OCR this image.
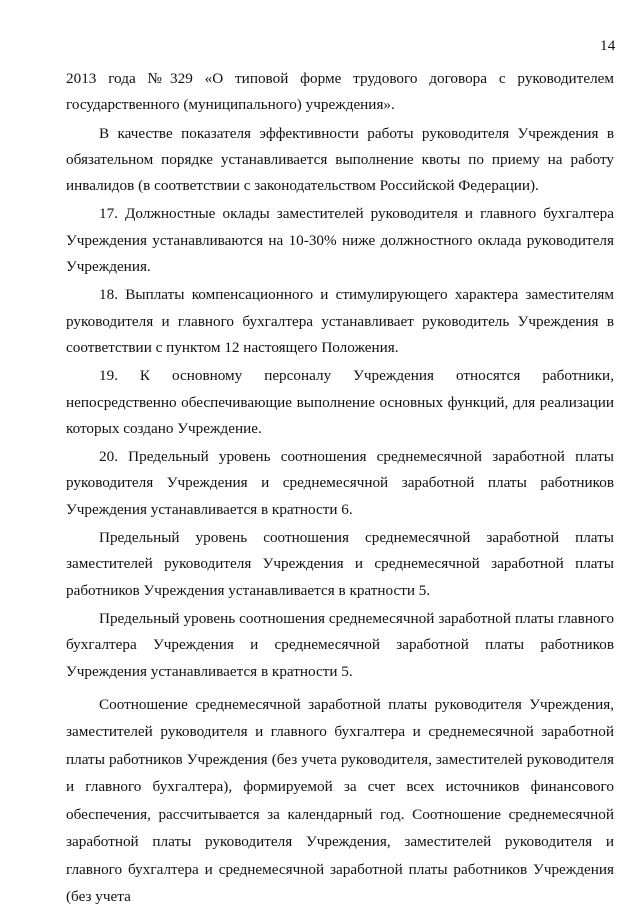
14

2013 года №329 «О типовой форме трудового договора с руководителем государственного (муниципального) учреждения».

В качестве показателя эффективности работы руководителя Учреждения в обязательном порядке устанавливается выполнение квоты по приему на работу инвалидов (в соответствии с законодательством Российской Федерации).

17. Должностные оклады заместителей руководителя и главного бухгалтера Учреждения устанавливаются на 10-30% ниже должностного оклада руководителя Учреждения.

18. Выплаты компенсационного и стимулирующего характера заместителям руководителя и главного бухгалтера устанавливает руководитель Учреждения в соответствии с пунктом 12 настоящего Положения.

19. К основному персоналу Учреждения относятся работники, непосредственно обеспечивающие выполнение основных функций, для реализации которых создано Учреждение.

20. Предельный уровень соотношения среднемесячной заработной платы руководителя Учреждения и среднемесячной заработной платы работников Учреждения устанавливается в кратности 6.

Предельный уровень соотношения среднемесячной заработной платы заместителей руководителя Учреждения и среднемесячной заработной платы работников Учреждения устанавливается в кратности 5.

Предельный уровень соотношения среднемесячной заработной платы главного бухгалтера Учреждения и среднемесячной заработной платы работников Учреждения устанавливается в кратности 5.

Соотношение среднемесячной заработной платы руководителя Учреждения, заместителей руководителя и главного бухгалтера и среднемесячной заработной платы работников Учреждения (без учета руководителя, заместителей руководителя и главного бухгалтера), формируемой за счет всех источников финансового обеспечения, рассчитывается за календарный год. Соотношение среднемесячной заработной платы руководителя Учреждения, заместителей руководителя и главного бухгалтера и среднемесячной заработной платы работников Учреждения (без учета
